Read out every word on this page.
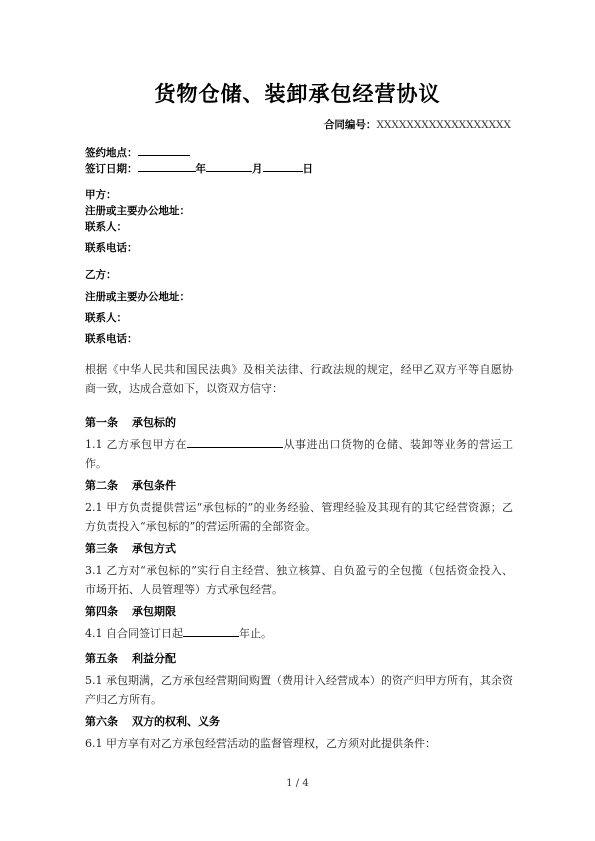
货物仓储、装卸承包经营协议
合同编号：XXXXXXXXXXXXXXXXXX
签约地点：
签订日期：	年	月	日
甲方：
注册或主要办公地址：
联系人：
联系电话：
乙方：
注册或主要办公地址：
联系人：
联系电话：
根据《中华人民共和国民法典》及相关法律、行政法规的规定，经甲乙双方平等自愿协商一致，达成合意如下，以资双方信守：
第一条 承包标的
1.1 乙方承包甲方在	从事进出口货物的仓储、装卸等业务的营运工作。
第二条 承包条件
2.1 甲方负责提供营运“承包标的”的业务经验、管理经验及其现有的其它经营资源；乙方负责投入“承包标的”的营运所需的全部资金。
第三条 承包方式
3.1 乙方对“承包标的”实行自主经营、独立核算、自负盈亏的全包揽（包括资金投入、市场开拓、人员管理等）方式承包经营。
第四条 承包期限
4.1 自合同签订日起	年止。
第五条 利益分配
5.1 承包期满，乙方承包经营期间购置（费用计入经营成本）的资产归甲方所有，其余资产归乙方所有。
第六条 双方的权利、义务
6.1 甲方享有对乙方承包经营活动的监督管理权，乙方须对此提供条件：
1 / 4
